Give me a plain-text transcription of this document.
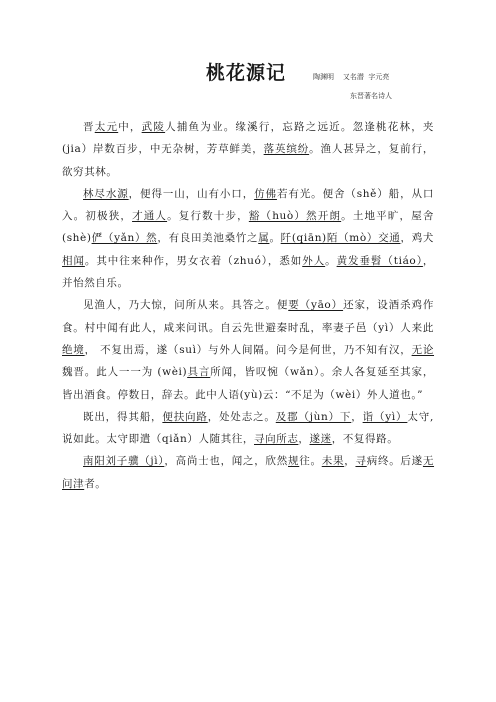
桃花源记	陶渊明    又名潜  字元亮
东晋著名诗人

晋太元中，武陵人捕鱼为业。缘溪行，忘路之远近。忽逢桃花林，夹(jia）岸数百步，中无杂树，芳草鲜美，落英缤纷。渔人甚异之，复前行，欲穷其林。

林尽水源，便得一山，山有小口，仿佛若有光。便舍（shě）船，从口入。初极狭，才通人。复行数十步，豁（huò）然开朗。土地平旷，屋舍(shè)俨（yǎn）然，有良田美池桑竹之属。阡(qiān)陌（mò）交通，鸡犬相闻。其中往来种作，男女衣着（zhuó），悉如外人。黄发垂髫（tiáo），并怡然自乐。

见渔人，乃大惊，问所从来。具答之。便要（yāo）还家，设酒杀鸡作食。村中闻有此人，咸来问讯。自云先世避秦时乱，率妻子邑（yì）人来此绝境， 不复出焉，遂（suì）与外人间隔。问今是何世，乃不知有汉，无论魏晋。此人一一为 (wèi)具言所闻，皆叹惋（wǎn）。余人各复延至其家，皆出酒食。停数日，辞去。此中人语(yù)云：“不足为（wèi）外人道也。”

既出，得其船，便扶向路，处处志之。及郡（jùn）下，诣（yì）太守,说如此。太守即遣（qiǎn）人随其往，寻向所志，遂迷，不复得路。

南阳刘子骥（jì），高尚士也，闻之，欣然规往。未果，寻病终。后遂无问津者。
